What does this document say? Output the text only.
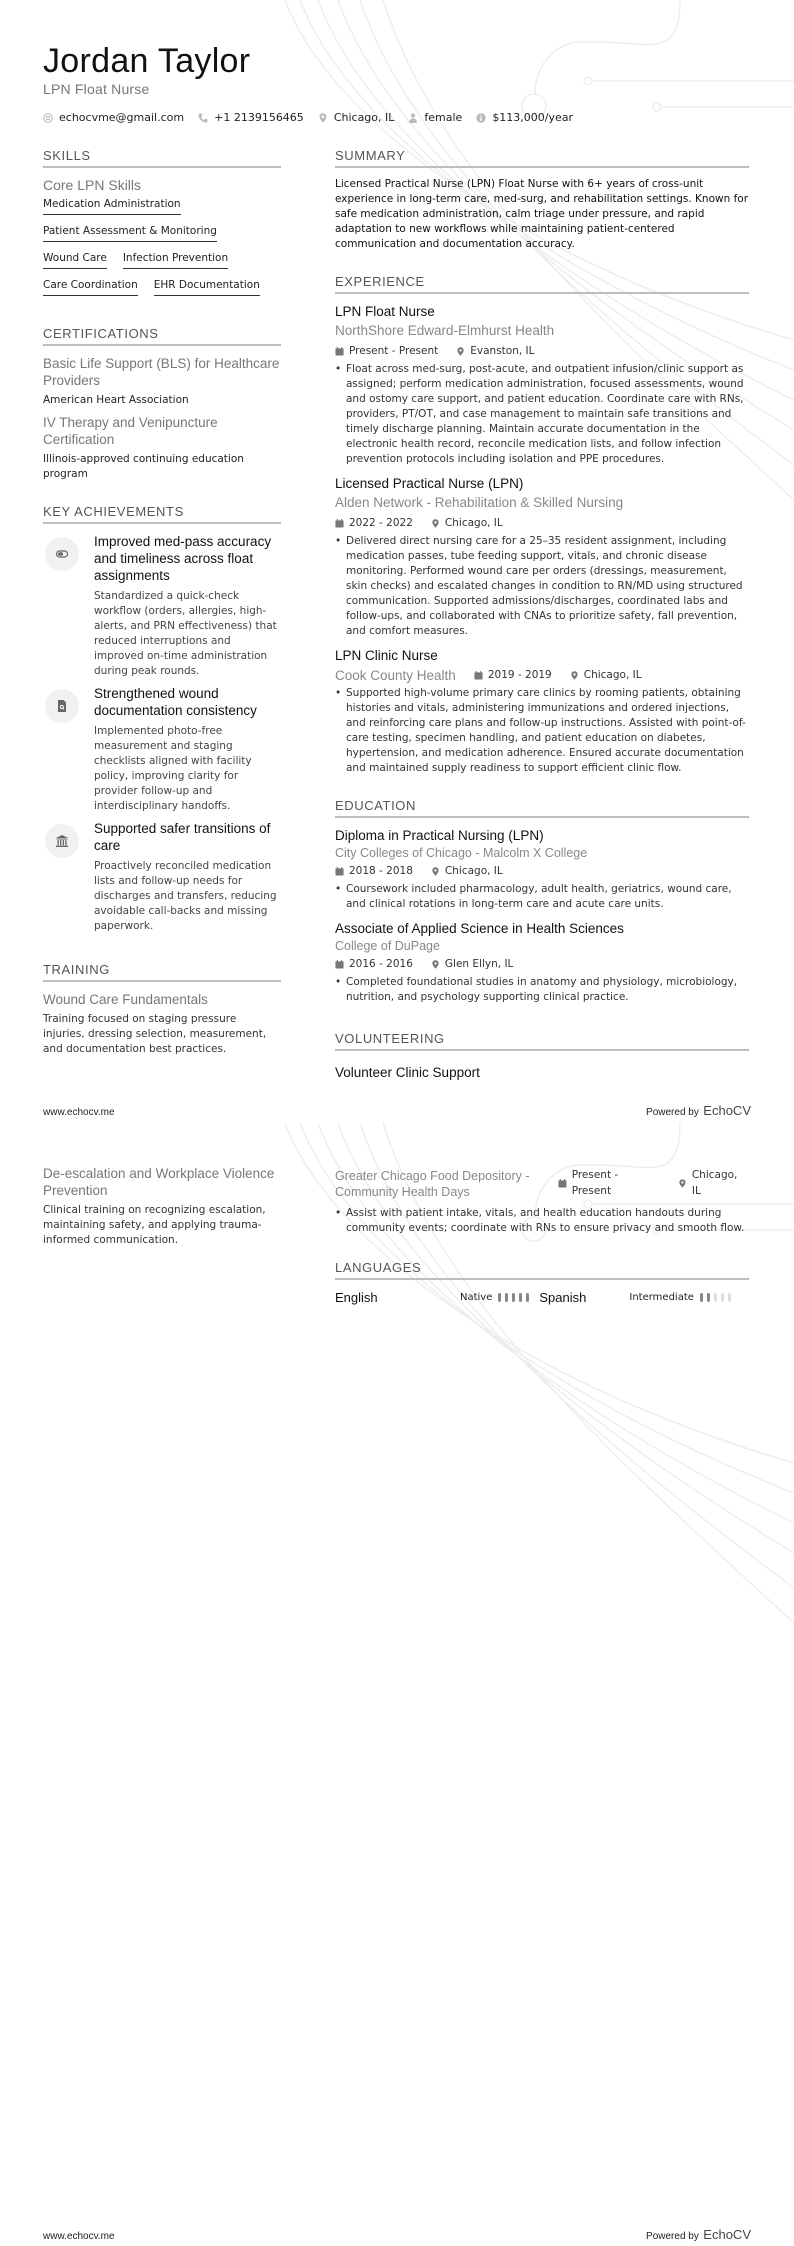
Jordan Taylor
LPN Float Nurse
echocvme@gmail.com	+1 2139156465	Chicago, IL	female	$113,000/year
SKILLS
Core LPN Skills
Medication Administration
Patient Assessment & Monitoring
Wound Care Infection Prevention
Care Coordination EHR Documentation
CERTIFICATIONS
Basic Life Support (BLS) for Healthcare Providers
American Heart Association
IV Therapy and Venipuncture Certification
Illinois-approved continuing education program
KEY ACHIEVEMENTS
Improved med-pass accuracy and timeliness across float assignments
Standardized a quick-check workflow (orders, allergies, high-alerts, and PRN effectiveness) that reduced interruptions and improved on-time administration during peak rounds.
Strengthened wound documentation consistency
Implemented photo-free measurement and staging checklists aligned with facility policy, improving clarity for provider follow-up and interdisciplinary handoffs.
Supported safer transitions of care
Proactively reconciled medication lists and follow-up needs for discharges and transfers, reducing avoidable call-backs and missing paperwork.
TRAINING
Wound Care Fundamentals
Training focused on staging pressure injuries, dressing selection, measurement, and documentation best practices.
SUMMARY
Licensed Practical Nurse (LPN) Float Nurse with 6+ years of cross-unit experience in long-term care, med-surg, and rehabilitation settings. Known for safe medication administration, calm triage under pressure, and rapid adaptation to new workflows while maintaining patient-centered communication and documentation accuracy.
EXPERIENCE
LPN Float Nurse
NorthShore Edward-Elmhurst Health
Present - Present	Evanston, IL
• Float across med-surg, post-acute, and outpatient infusion/clinic support as assigned; perform medication administration, focused assessments, wound and ostomy care support, and patient education. Coordinate care with RNs, providers, PT/OT, and case management to maintain safe transitions and timely discharge planning. Maintain accurate documentation in the electronic health record, reconcile medication lists, and follow infection prevention protocols including isolation and PPE procedures.
Licensed Practical Nurse (LPN)
Alden Network - Rehabilitation & Skilled Nursing
2022 - 2022	Chicago, IL
• Delivered direct nursing care for a 25–35 resident assignment, including medication passes, tube feeding support, vitals, and chronic disease monitoring. Performed wound care per orders (dressings, measurement, skin checks) and escalated changes in condition to RN/MD using structured communication. Supported admissions/discharges, coordinated labs and follow-ups, and collaborated with CNAs to prioritize safety, fall prevention, and comfort measures.
LPN Clinic Nurse
Cook County Health	2019 - 2019	Chicago, IL
• Supported high-volume primary care clinics by rooming patients, obtaining histories and vitals, administering immunizations and ordered injections, and reinforcing care plans and follow-up instructions. Assisted with point-of-care testing, specimen handling, and patient education on diabetes, hypertension, and medication adherence. Ensured accurate documentation and maintained supply readiness to support efficient clinic flow.
EDUCATION
Diploma in Practical Nursing (LPN)
City Colleges of Chicago - Malcolm X College
2018 - 2018	Chicago, IL
• Coursework included pharmacology, adult health, geriatrics, wound care, and clinical rotations in long-term care and acute care units.
Associate of Applied Science in Health Sciences
College of DuPage
2016 - 2016	Glen Ellyn, IL
• Completed foundational studies in anatomy and physiology, microbiology, nutrition, and psychology supporting clinical practice.
VOLUNTEERING
Volunteer Clinic Support
www.echocv.me	Powered by EchoCV
De-escalation and Workplace Violence Prevention
Clinical training on recognizing escalation, maintaining safety, and applying trauma-informed communication.
Greater Chicago Food Depository - Community Health Days
Present - Present
Chicago, IL
• Assist with patient intake, vitals, and health education handouts during community events; coordinate with RNs to ensure privacy and smooth flow.
LANGUAGES
English	Native	Spanish	Intermediate
www.echocv.me	Powered by EchoCV
